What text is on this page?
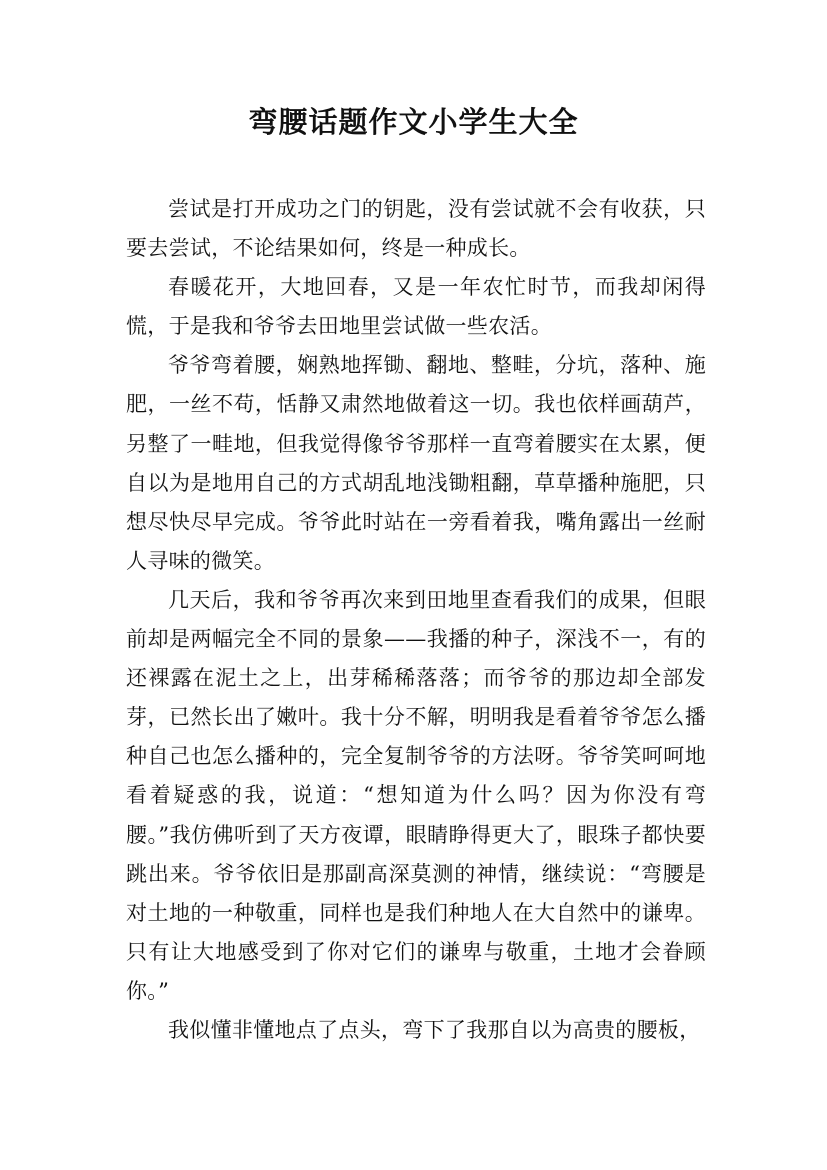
弯腰话题作文小学生大全

尝试是打开成功之门的钥匙，没有尝试就不会有收获，只要去尝试，不论结果如何，终是一种成长。

春暖花开，大地回春，又是一年农忙时节，而我却闲得慌，于是我和爷爷去田地里尝试做一些农活。

爷爷弯着腰，娴熟地挥锄、翻地、整畦，分坑，落种、施肥，一丝不苟，恬静又肃然地做着这一切。我也依样画葫芦，另整了一畦地，但我觉得像爷爷那样一直弯着腰实在太累，便自以为是地用自己的方式胡乱地浅锄粗翻，草草播种施肥，只想尽快尽早完成。爷爷此时站在一旁看着我，嘴角露出一丝耐人寻味的微笑。

几天后，我和爷爷再次来到田地里查看我们的成果，但眼前却是两幅完全不同的景象——我播的种子，深浅不一，有的还裸露在泥土之上，出芽稀稀落落；而爷爷的那边却全部发芽，已然长出了嫩叶。我十分不解，明明我是看着爷爷怎么播种自己也怎么播种的，完全复制爷爷的方法呀。爷爷笑呵呵地看着疑惑的我，说道：“想知道为什么吗？因为你没有弯腰。”我仿佛听到了天方夜谭，眼睛睁得更大了，眼珠子都快要跳出来。爷爷依旧是那副高深莫测的神情，继续说：“弯腰是对土地的一种敬重，同样也是我们种地人在大自然中的谦卑。只有让大地感受到了你对它们的谦卑与敬重，土地才会眷顾你。”

我似懂非懂地点了点头，弯下了我那自以为高贵的腰板，
